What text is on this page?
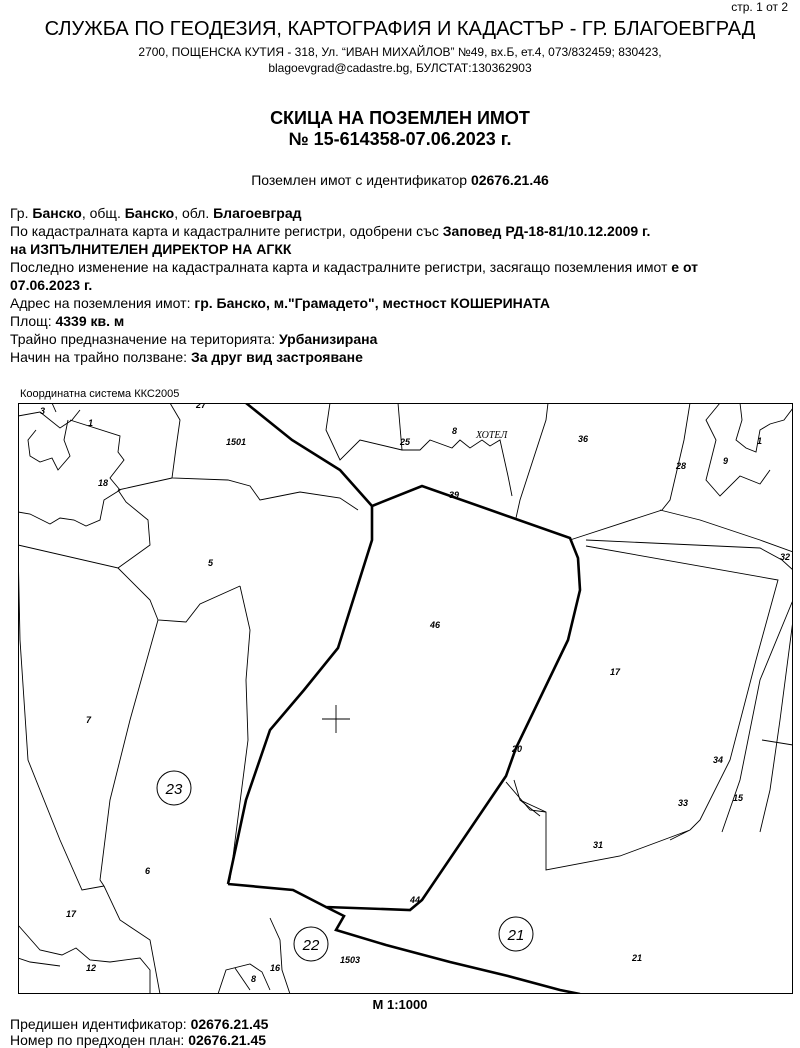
стр. 1 от 2
СЛУЖБА ПО ГЕОДЕЗИЯ, КАРТОГРАФИЯ И КАДАСТЪР - ГР. БЛАГОЕВГРАД
2700, ПОЩЕНСКА КУТИЯ - 318, Ул. “ИВАН МИХАЙЛОВ” №49, вх.Б, ет.4, 073/832459; 830423,
blagoevgrad@cadastre.bg, БУЛСТАТ:130362903
СКИЦА НА ПОЗЕМЛЕН ИМОТ
№ 15-614358-07.06.2023 г.
Поземлен имот с идентификатор 02676.21.46
Гр. Банско, общ. Банско, обл. Благоевград
По кадастралната карта и кадастралните регистри, одобрени със Заповед РД-18-81/10.12.2009 г.
на ИЗПЪЛНИТЕЛЕН ДИРЕКТОР НА АГКК
Последно изменение на кадастралната карта и кадастралните регистри, засягащо поземления имот е от
07.06.2023 г.
Адрес на поземления имот: гр. Банско, м."Грамадето", местност КОШЕРИНАТА
Площ: 4339 кв. м
Трайно предназначение на територията: Урбанизирана
Начин на трайно ползване: За друг вид застрояване
Координатна система ККС2005
3
27
1
18
1501	25
8 ХОТЕЛ	36
28	9
1
39
32
5
46
17
7
20
34
33	15
31
6
17
44
12	16
1503
8
21
23
22
21
М 1:1000
Предишен идентификатор: 02676.21.45
Номер по предходен план: 02676.21.45
